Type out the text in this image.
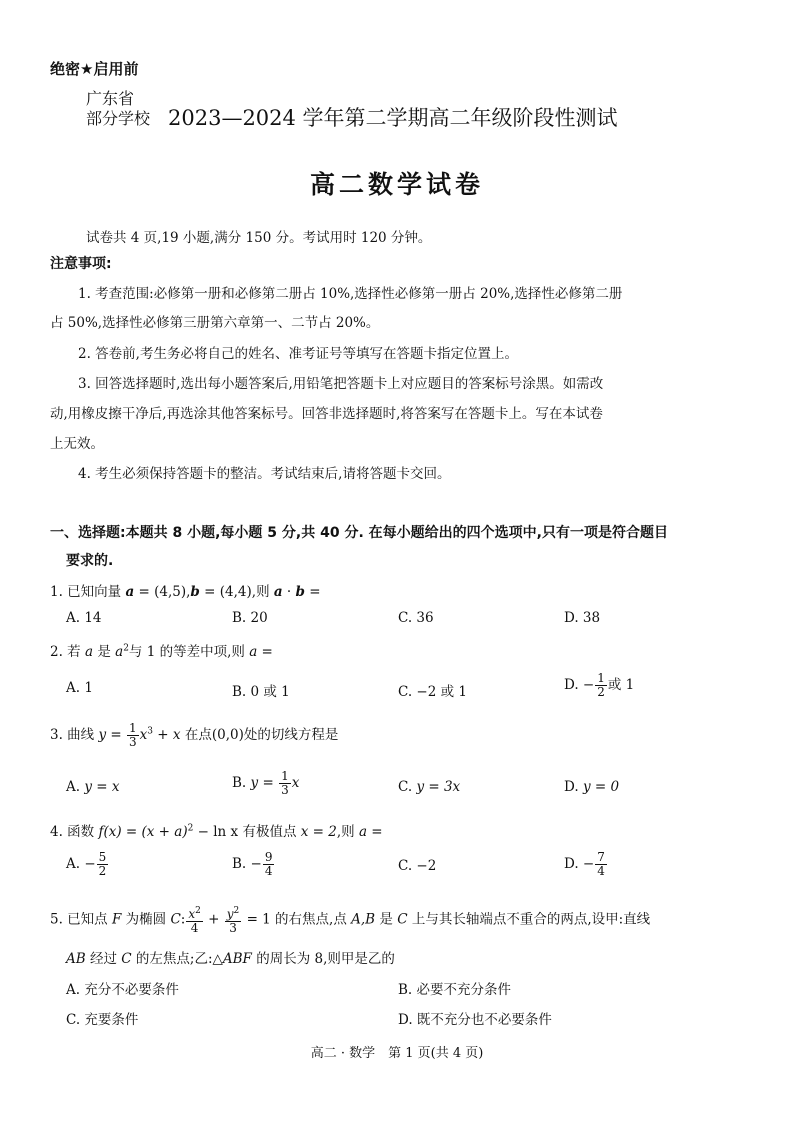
绝密★启用前
广东省
部分学校 2023—2024 学年第二学期高二年级阶段性测试
高二数学试卷
试卷共 4 页,19 小题,满分 150 分。考试用时 120 分钟。
注意事项:
1. 考查范围:必修第一册和必修第二册占 10%,选择性必修第一册占 20%,选择性必修第二册
占 50%,选择性必修第三册第六章第一、二节占 20%。
2. 答卷前,考生务必将自己的姓名、准考证号等填写在答题卡指定位置上。
3. 回答选择题时,选出每小题答案后,用铅笔把答题卡上对应题目的答案标号涂黑。如需改
动,用橡皮擦干净后,再选涂其他答案标号。回答非选择题时,将答案写在答题卡上。写在本试卷
上无效。
4. 考生必须保持答题卡的整洁。考试结束后,请将答题卡交回。
一、选择题:本题共 8 小题,每小题 5 分,共 40 分. 在每小题给出的四个选项中,只有一项是符合题目
要求的.
1. 已知向量 a = (4,5),b = (4,4),则 a · b =
A. 14	B. 20	C. 36	D. 38
2. 若 a 是 $a^2$与 1 的等差中项,则 a =
A. 1	B. 0 或 1	C. −2 或 1	D. − $\frac{1}{2}$ 或 1
3. 曲线 $y = \frac{1}{3} x^3 + x$ 在点(0,0)处的切线方程是
A. y = x	B. $y = \frac{1}{3}$ x	C. y = 3x	D. y = 0
4. 函数 $f(x) = (x + a)^2 - \ln x$ 有极值点 x = 2,则 a =
A. − $\frac{5}{2}$	B. − $\frac{9}{4}$	C. −2	D. − $\frac{7}{4}$
5. 已知点 F 为椭圆 C: $\frac{x^2}{4} + \frac{y^2}{3} = 1$ 的右焦点,点 A,B 是 C 上与其长轴端点不重合的两点,设甲:直线
AB 经过 C 的左焦点;乙:△ABF 的周长为 8,则甲是乙的
A. 充分不必要条件	B. 必要不充分条件
C. 充要条件	D. 既不充分也不必要条件
高二 · 数学　第 1 页(共 4 页)
